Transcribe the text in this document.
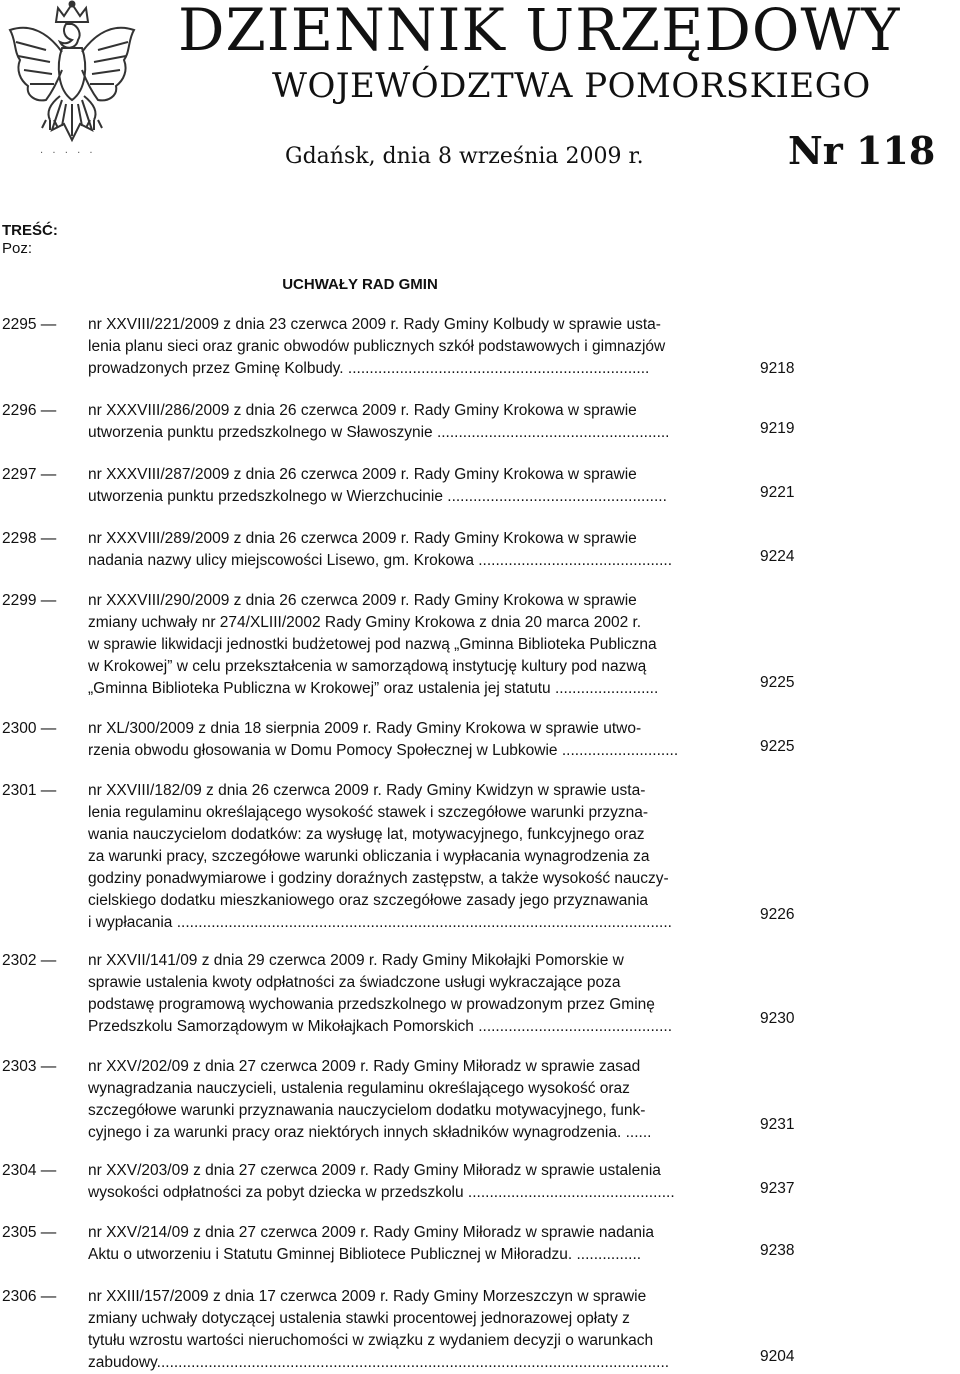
· · · · ·
DZIENNIK URZĘDOWY
WOJEWÓDZTWA POMORSKIEGO
Gdańsk, dnia 8 września 2009 r.	Nr 118
TREŚĆ:
Poz:
UCHWAŁY RAD GMIN
2295 — nr XXVIII/221/2009 z dnia 23 czerwca 2009 r. Rady Gminy Kolbudy w sprawie usta-
lenia planu sieci oraz granic obwodów publicznych szkół podstawowych i gimnazjów
prowadzonych przez Gminę Kolbudy. ......................................................................	9218
2296 — nr XXXVIII/286/2009 z dnia 26 czerwca 2009 r. Rady Gminy Krokowa w sprawie
utworzenia punktu przedszkolnego w Sławoszynie ......................................................	9219
2297 — nr XXXVIII/287/2009 z dnia 26 czerwca 2009 r. Rady Gminy Krokowa w sprawie
utworzenia punktu przedszkolnego w Wierzchucinie ...................................................	9221
2298 — nr XXXVIII/289/2009 z dnia 26 czerwca 2009 r. Rady Gminy Krokowa w sprawie
nadania nazwy ulicy miejscowości Lisewo, gm. Krokowa .............................................	9224
2299 — nr XXXVIII/290/2009 z dnia 26 czerwca 2009 r. Rady Gminy Krokowa w sprawie
zmiany uchwały nr 274/XLIII/2002 Rady Gminy Krokowa z dnia 20 marca 2002 r.
w sprawie likwidacji jednostki budżetowej pod nazwą „Gminna Biblioteka Publiczna
w Krokowej” w celu przekształcenia w samorządową instytucję kultury pod nazwą
„Gminna Biblioteka Publiczna w Krokowej” oraz ustalenia jej statutu ........................	9225
2300 — nr XL/300/2009 z dnia 18 sierpnia 2009 r. Rady Gminy Krokowa w sprawie utwo-
rzenia obwodu głosowania w Domu Pomocy Społecznej w Lubkowie ...........................	9225
2301 — nr XXVIII/182/09 z dnia 26 czerwca 2009 r. Rady Gminy Kwidzyn w sprawie usta-
lenia regulaminu określającego wysokość stawek i szczegółowe warunki przyzna-
wania nauczycielom dodatków: za wysługę lat, motywacyjnego, funkcyjnego oraz
za warunki pracy, szczegółowe warunki obliczania i wypłacania wynagrodzenia za
godziny ponadwymiarowe i godziny doraźnych zastępstw, a także wysokość nauczy-
cielskiego dodatku mieszkaniowego oraz szczegółowe zasady jego przyznawania
i wypłacania ...................................................................................................................	9226
2302 — nr XXVII/141/09 z dnia 29 czerwca 2009 r. Rady Gminy Mikołajki Pomorskie w
sprawie ustalenia kwoty odpłatności za świadczone usługi wykraczające poza
podstawę programową wychowania przedszkolnego w prowadzonym przez Gminę
Przedszkolu Samorządowym w Mikołajkach Pomorskich .............................................	9230
2303 — nr XXV/202/09 z dnia 27 czerwca 2009 r. Rady Gminy Miłoradz w sprawie zasad
wynagradzania nauczycieli, ustalenia regulaminu określającego wysokość oraz
szczegółowe warunki przyznawania nauczycielom dodatku motywacyjnego, funk-
cyjnego i za warunki pracy oraz niektórych innych składników wynagrodzenia. ......	9231
2304 — nr XXV/203/09 z dnia 27 czerwca 2009 r. Rady Gminy Miłoradz w sprawie ustalenia
wysokości odpłatności za pobyt dziecka w przedszkolu ................................................	9237
2305 — nr XXV/214/09 z dnia 27 czerwca 2009 r. Rady Gminy Miłoradz w sprawie nadania
Aktu o utworzeniu i Statutu Gminnej Bibliotece Publicznej w Miłoradzu. ...............	9238
2306 — nr XXIII/157/2009 z dnia 17 czerwca 2009 r. Rady Gminy Morzeszczyn w sprawie
zmiany uchwały dotyczącej ustalenia stawki procentowej jednorazowej opłaty z
tytułu wzrostu wartości nieruchomości w związku z wydaniem decyzji o warunkach
zabudowy.......................................................................................................................	9204
